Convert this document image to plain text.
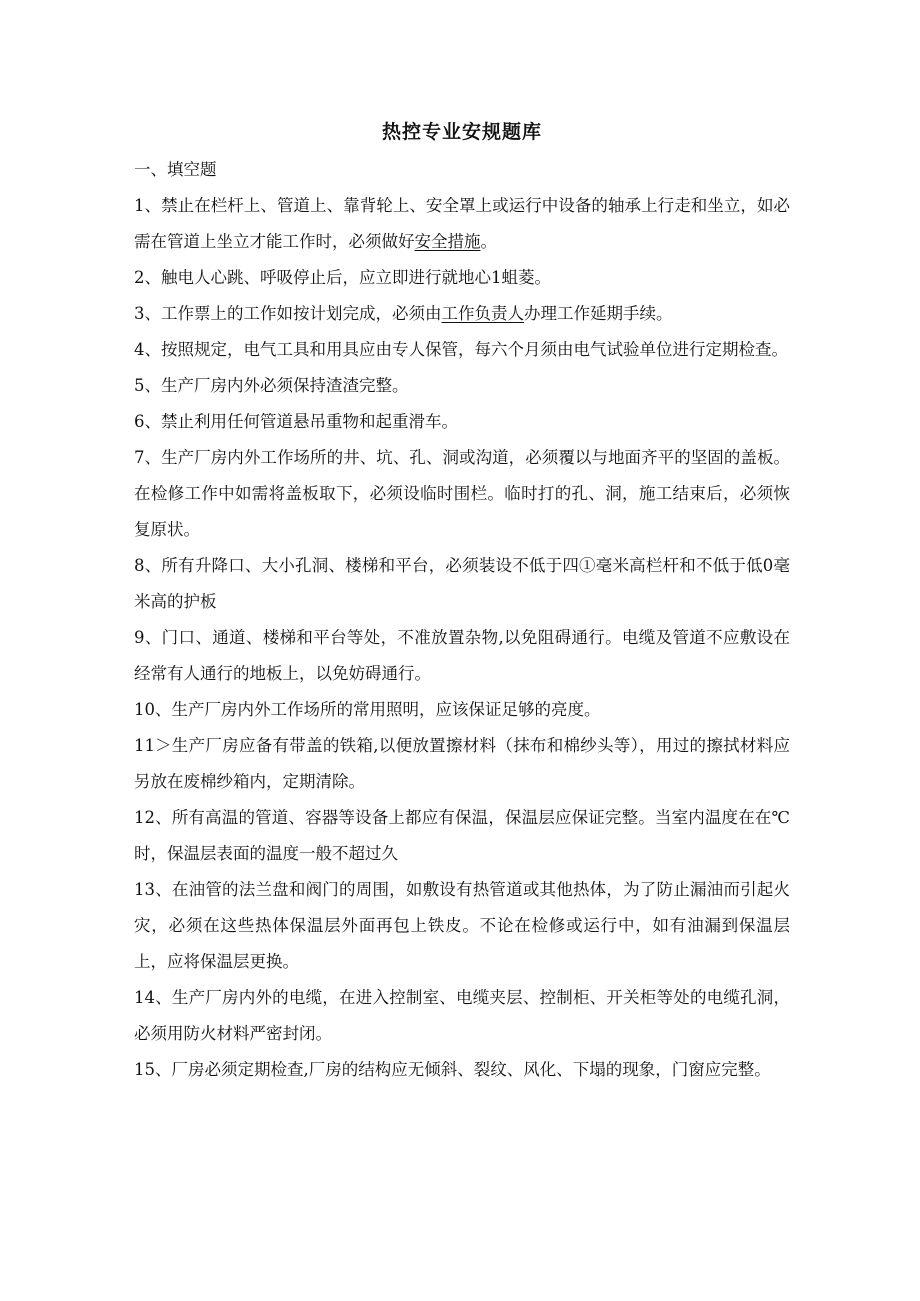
热控专业安规题库

一、填空题

1、禁止在栏杆上、管道上、靠背轮上、安全罩上或运行中设备的轴承上行走和坐立，如必需在管道上坐立才能工作时，必须做好安全措施。

2、触电人心跳、呼吸停止后，应立即进行就地心1蛆菱。

3、工作票上的工作如按计划完成，必须由工作负责人办理工作延期手续。

4、按照规定，电气工具和用具应由专人保管，每六个月须由电气试验单位进行定期检查。

5、生产厂房内外必须保持渣渣完整。

6、禁止利用任何管道悬吊重物和起重滑车。

7、生产厂房内外工作场所的井、坑、孔、洞或沟道，必须覆以与地面齐平的坚固的盖板。在检修工作中如需将盖板取下，必须设临时围栏。临时打的孔、洞，施工结束后，必须恢复原状。

8、所有升降口、大小孔洞、楼梯和平台，必须装设不低于四①毫米高栏杆和不低于低0毫米高的护板

9、门口、通道、楼梯和平台等处，不准放置杂物,以免阻碍通行。电缆及管道不应敷设在经常有人通行的地板上，以免妨碍通行。

10、生产厂房内外工作场所的常用照明，应该保证足够的亮度。

11＞生产厂房应备有带盖的铁箱,以便放置擦材料（抹布和棉纱头等），用过的擦拭材料应另放在废棉纱箱内，定期清除。

12、所有高温的管道、容器等设备上都应有保温，保温层应保证完整。当室内温度在在℃时，保温层表面的温度一般不超过久

13、在油管的法兰盘和阀门的周围，如敷设有热管道或其他热体，为了防止漏油而引起火灾，必须在这些热体保温层外面再包上铁皮。不论在检修或运行中，如有油漏到保温层上，应将保温层更换。

14、生产厂房内外的电缆，在进入控制室、电缆夹层、控制柜、开关柜等处的电缆孔洞，必须用防火材料严密封闭。

15、厂房必须定期检查,厂房的结构应无倾斜、裂纹、风化、下塌的现象，门窗应完整。
